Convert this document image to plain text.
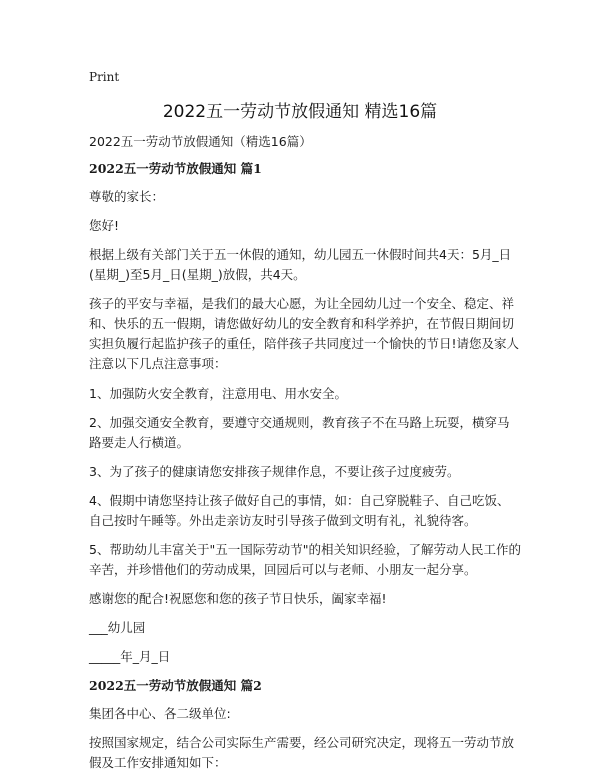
Print
2022五一劳动节放假通知 精选16篇

2022五一劳动节放假通知（精选16篇）

2022五一劳动节放假通知 篇1

尊敬的家长：

您好!

根据上级有关部门关于五一休假的通知，幼儿园五一休假时间共4天：5月_日(星期_)至5月_日(星期_)放假，共4天。

孩子的平安与幸福，是我们的最大心愿，为让全园幼儿过一个安全、稳定、祥和、快乐的五一假期，请您做好幼儿的安全教育和科学养护，在节假日期间切实担负履行起监护孩子的重任，陪伴孩子共同度过一个愉快的节日!请您及家人注意以下几点注意事项：

1、加强防火安全教育，注意用电、用水安全。

2、加强交通安全教育，要遵守交通规则，教育孩子不在马路上玩耍，横穿马路要走人行横道。

3、为了孩子的健康请您安排孩子规律作息，不要让孩子过度疲劳。

4、假期中请您坚持让孩子做好自己的事情，如：自己穿脱鞋子、自己吃饭、自己按时午睡等。外出走亲访友时引导孩子做到文明有礼，礼貌待客。

5、帮助幼儿丰富关于"五一国际劳动节"的相关知识经验，了解劳动人民工作的辛苦，并珍惜他们的劳动成果，回园后可以与老师、小朋友一起分享。

感谢您的配合!祝愿您和您的孩子节日快乐，阖家幸福!

___幼儿园

_____年_月_日

2022五一劳动节放假通知 篇2

集团各中心、各二级单位:

按照国家规定，结合公司实际生产需要，经公司研究决定，现将五一劳动节放假及工作安排通知如下：
